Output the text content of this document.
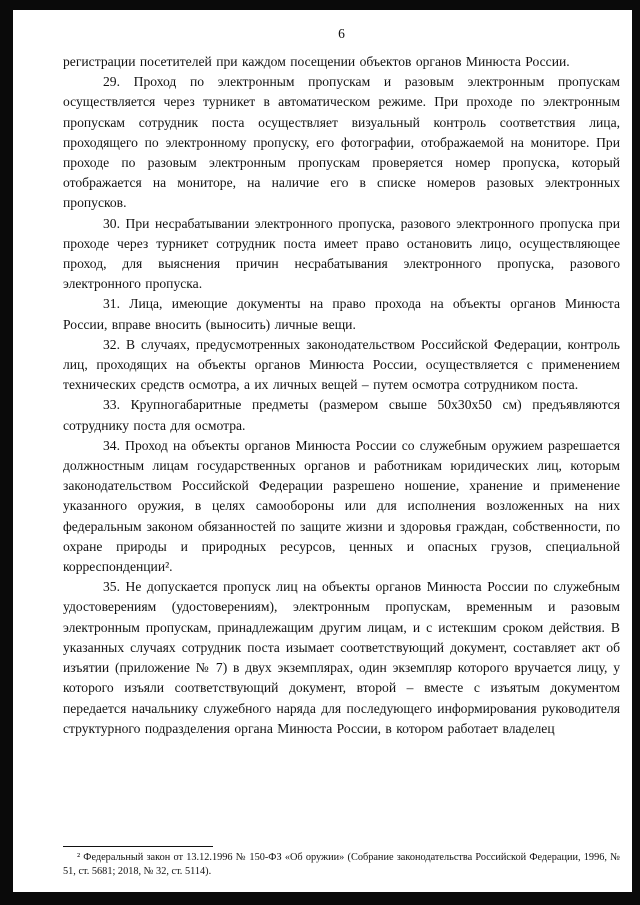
6

регистрации посетителей при каждом посещении объектов органов Минюста России.

29. Проход по электронным пропускам и разовым электронным пропускам осуществляется через турникет в автоматическом режиме. При проходе по электронным пропускам сотрудник поста осуществляет визуальный контроль соответствия лица, проходящего по электронному пропуску, его фотографии, отображаемой на мониторе. При проходе по разовым электронным пропускам проверяется номер пропуска, который отображается на мониторе, на наличие его в списке номеров разовых электронных пропусков.

30. При несрабатывании электронного пропуска, разового электронного пропуска при проходе через турникет сотрудник поста имеет право остановить лицо, осуществляющее проход, для выяснения причин несрабатывания электронного пропуска, разового электронного пропуска.

31. Лица, имеющие документы на право прохода на объекты органов Минюста России, вправе вносить (выносить) личные вещи.

32. В случаях, предусмотренных законодательством Российской Федерации, контроль лиц, проходящих на объекты органов Минюста России, осуществляется с применением технических средств осмотра, а их личных вещей – путем осмотра сотрудником поста.

33. Крупногабаритные предметы (размером свыше 50х30х50 см) предъявляются сотруднику поста для осмотра.

34. Проход на объекты органов Минюста России со служебным оружием разрешается должностным лицам государственных органов и работникам юридических лиц, которым законодательством Российской Федерации разрешено ношение, хранение и применение указанного оружия, в целях самообороны или для исполнения возложенных на них федеральным законом обязанностей по защите жизни и здоровья граждан, собственности, по охране природы и природных ресурсов, ценных и опасных грузов, специальной корреспонденции².

35. Не допускается пропуск лиц на объекты органов Минюста России по служебным удостоверениям (удостоверениям), электронным пропускам, временным и разовым электронным пропускам, принадлежащим другим лицам, и с истекшим сроком действия. В указанных случаях сотрудник поста изымает соответствующий документ, составляет акт об изъятии (приложение № 7) в двух экземплярах, один экземпляр которого вручается лицу, у которого изъяли соответствующий документ, второй – вместе с изъятым документом передается начальнику служебного наряда для последующего информирования руководителя структурного подразделения органа Минюста России, в котором работает владелец

² Федеральный закон от 13.12.1996 № 150-ФЗ «Об оружии» (Собрание законодательства Российской Федерации, 1996, № 51, ст. 5681; 2018, № 32, ст. 5114).
